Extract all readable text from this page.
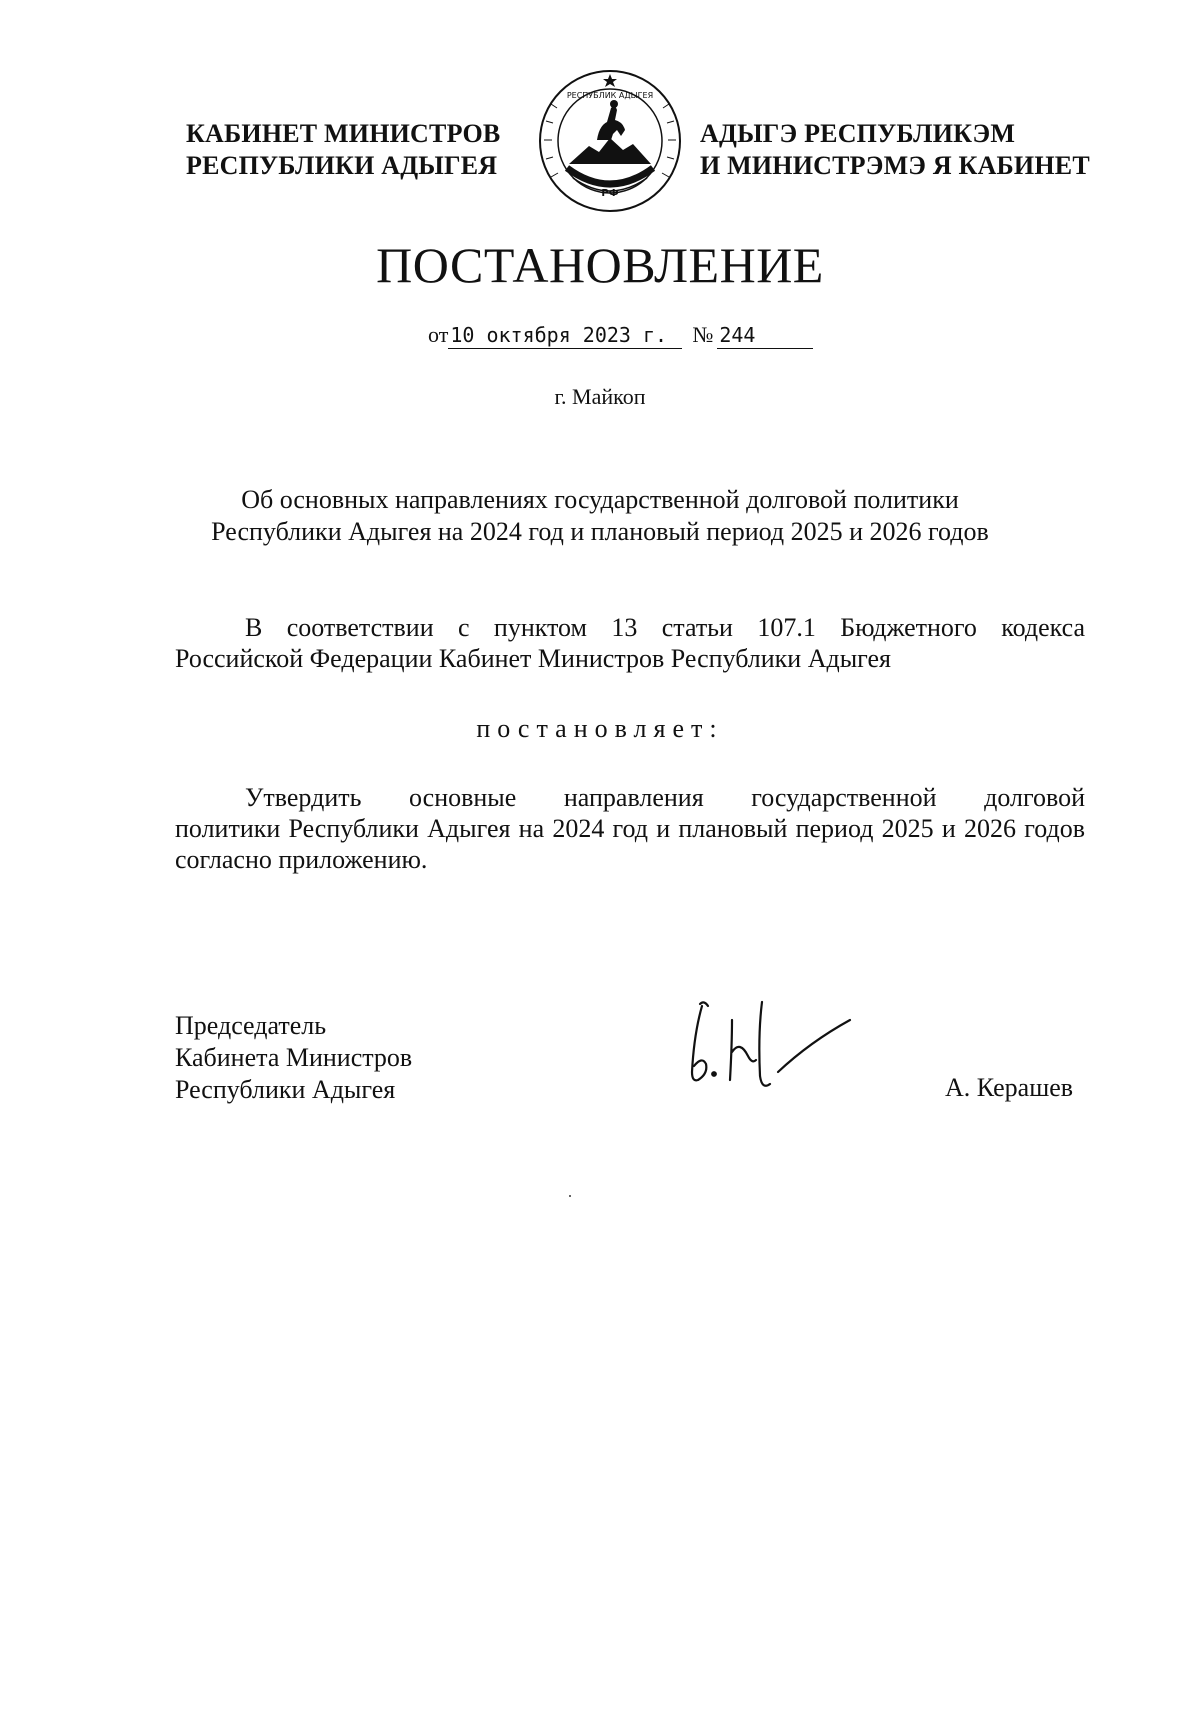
КАБИНЕТ МИНИСТРОВ
РЕСПУБЛИКИ АДЫГЕЯ
РЕСПУБЛИК АДЫГЕЯ
РФ
АДЫГЭ РЕСПУБЛИКЭМ
И МИНИСТРЭМЭ Я КАБИНЕТ
ПОСТАНОВЛЕНИЕ
от 10 октября 2023 г. № 244
г. Майкоп
Об основных направлениях государственной долговой политики
Республики Адыгея на 2024 год и плановый период 2025 и 2026 годов
В соответствии с пунктом 13 статьи 107.1 Бюджетного кодекса
Российской Федерации Кабинет Министров Республики Адыгея
постановляет:
Утвердить основные направления государственной долговой
политики Республики Адыгея на 2024 год и плановый период 2025 и 2026 годов согласно приложению.
Председатель
Кабинета Министров
Республики Адыгея	А. Керашев
